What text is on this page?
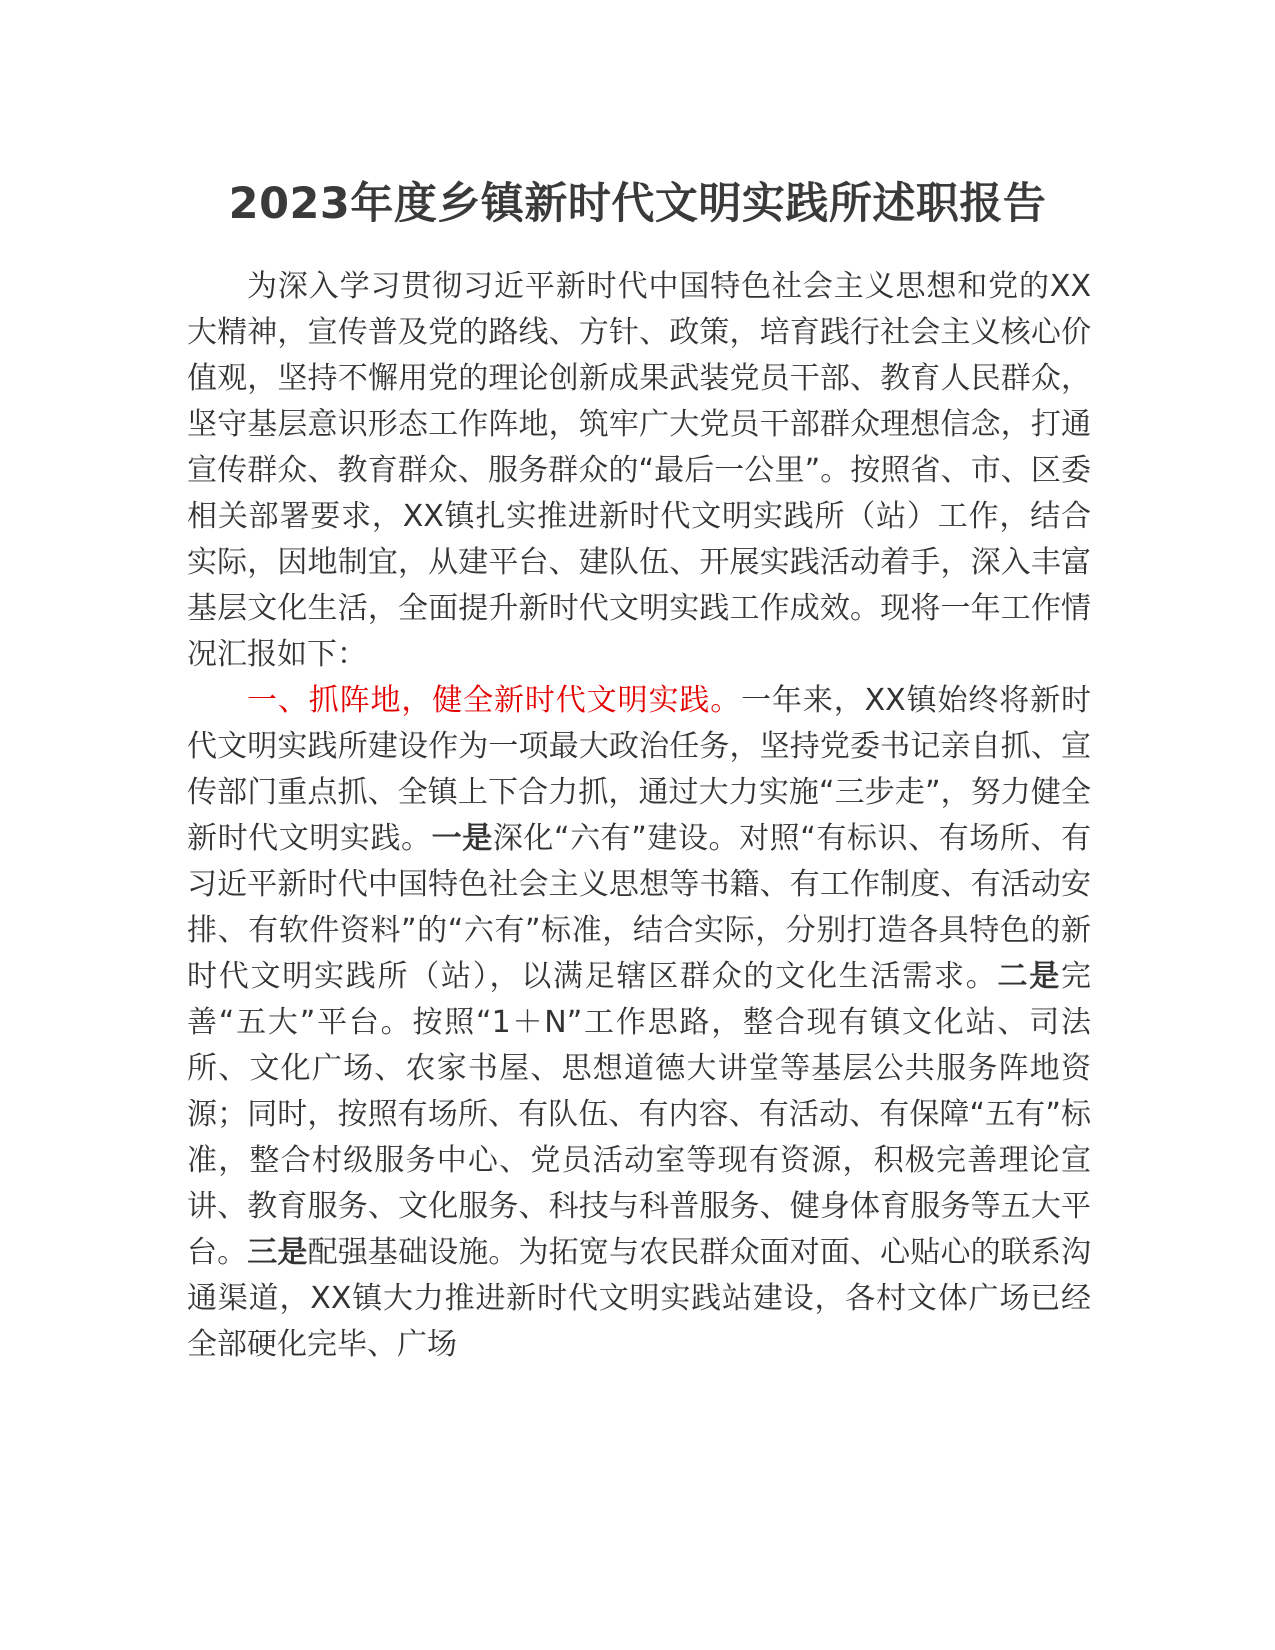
2023年度乡镇新时代文明实践所述职报告

为深入学习贯彻习近平新时代中国特色社会主义思想和党的XX大精神，宣传普及党的路线、方针、政策，培育践行社会主义核心价值观，坚持不懈用党的理论创新成果武装党员干部、教育人民群众，坚守基层意识形态工作阵地，筑牢广大党员干部群众理想信念，打通宣传群众、教育群众、服务群众的“最后一公里”。按照省、市、区委相关部署要求，XX镇扎实推进新时代文明实践所（站）工作，结合实际，因地制宜，从建平台、建队伍、开展实践活动着手，深入丰富基层文化生活，全面提升新时代文明实践工作成效。现将一年工作情况汇报如下：

一、抓阵地，健全新时代文明实践。一年来，XX镇始终将新时代文明实践所建设作为一项最大政治任务，坚持党委书记亲自抓、宣传部门重点抓、全镇上下合力抓，通过大力实施“三步走”，努力健全新时代文明实践。一是深化“六有”建设。对照“有标识、有场所、有习近平新时代中国特色社会主义思想等书籍、有工作制度、有活动安排、有软件资料”的“六有”标准，结合实际，分别打造各具特色的新时代文明实践所（站），以满足辖区群众的文化生活需求。二是完善“五大”平台。按照“1＋N”工作思路，整合现有镇文化站、司法所、文化广场、农家书屋、思想道德大讲堂等基层公共服务阵地资源；同时，按照有场所、有队伍、有内容、有活动、有保障“五有”标准，整合村级服务中心、党员活动室等现有资源，积极完善理论宣讲、教育服务、文化服务、科技与科普服务、健身体育服务等五大平台。三是配强基础设施。为拓宽与农民群众面对面、心贴心的联系沟通渠道，XX镇大力推进新时代文明实践站建设，各村文体广场已经全部硬化完毕、广场
